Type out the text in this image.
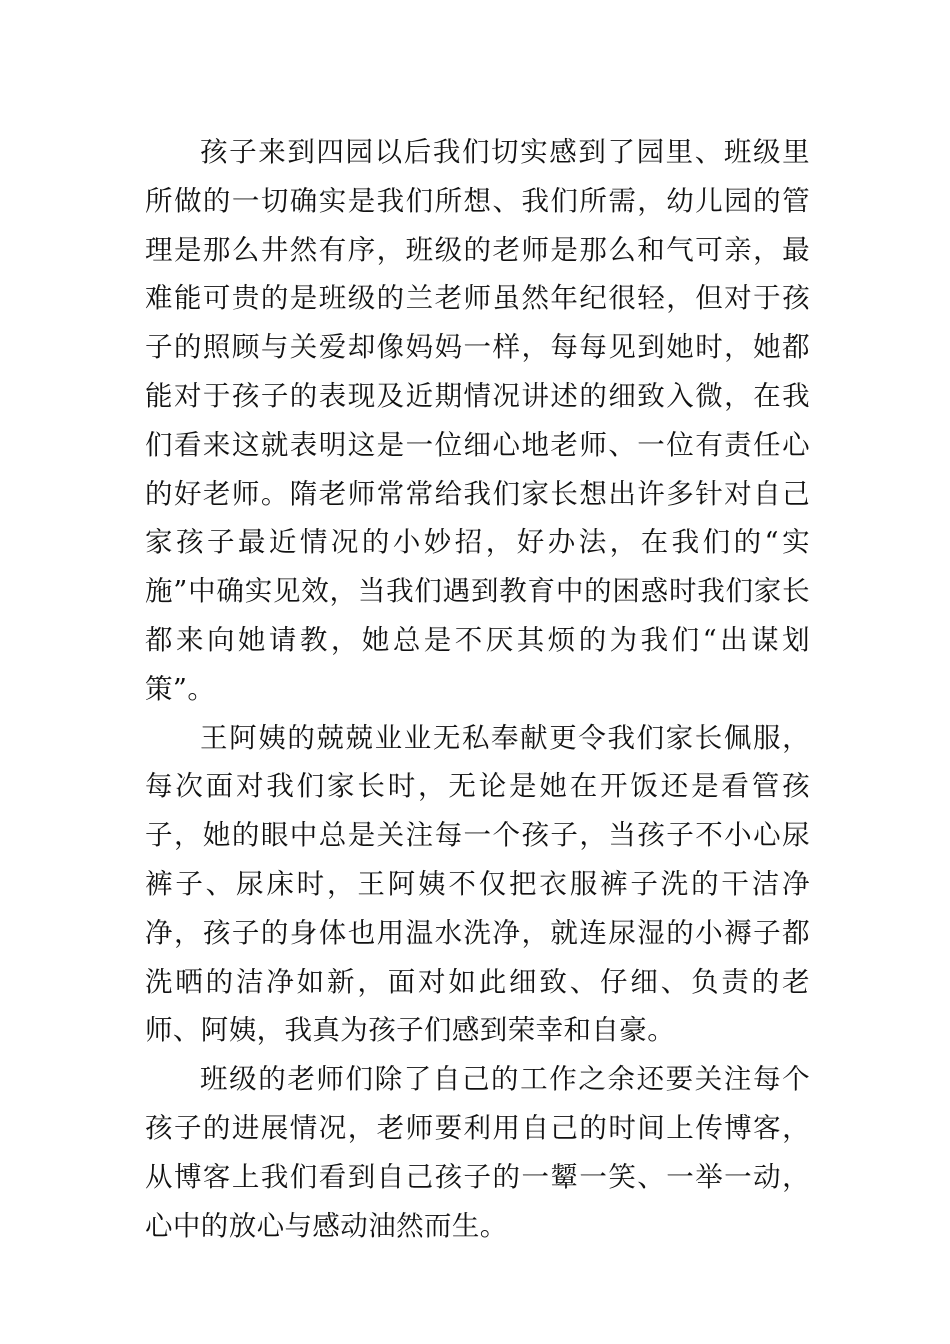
孩子来到四园以后我们切实感到了园里、班级里所做的一切确实是我们所想、我们所需，幼儿园的管理是那么井然有序，班级的老师是那么和气可亲，最难能可贵的是班级的兰老师虽然年纪很轻，但对于孩子的照顾与关爱却像妈妈一样，每每见到她时，她都能对于孩子的表现及近期情况讲述的细致入微，在我们看来这就表明这是一位细心地老师、一位有责任心的好老师。隋老师常常给我们家长想出许多针对自己家孩子最近情况的小妙招，好办法，在我们的“实施”中确实见效，当我们遇到教育中的困惑时我们家长都来向她请教，她总是不厌其烦的为我们“出谋划策”。

王阿姨的兢兢业业无私奉献更令我们家长佩服，每次面对我们家长时，无论是她在开饭还是看管孩子，她的眼中总是关注每一个孩子，当孩子不小心尿裤子、尿床时，王阿姨不仅把衣服裤子洗的干洁净净，孩子的身体也用温水洗净，就连尿湿的小褥子都洗晒的洁净如新，面对如此细致、仔细、负责的老师、阿姨，我真为孩子们感到荣幸和自豪。

班级的老师们除了自己的工作之余还要关注每个孩子的进展情况，老师要利用自己的时间上传博客，从博客上我们看到自己孩子的一颦一笑、一举一动，心中的放心与感动油然而生。
